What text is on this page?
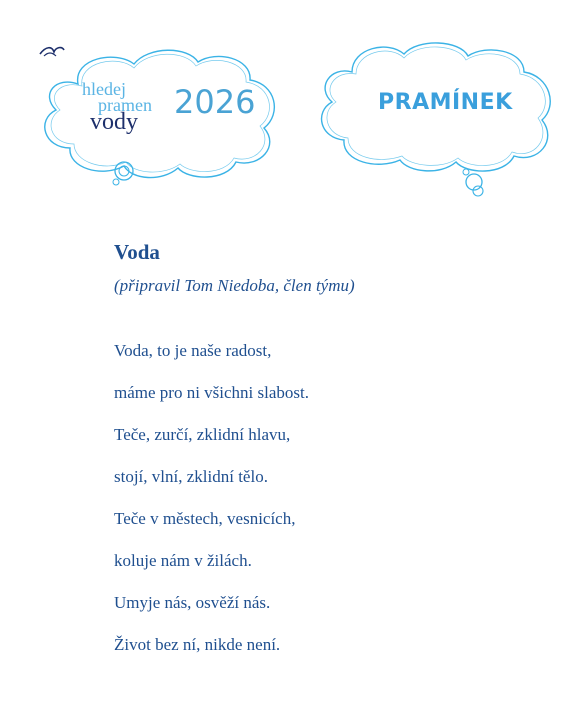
hledej
pramen
vody
2026	PRAMÍNEK
Voda
(připravil Tom Niedoba, člen týmu)
Voda, to je naše radost,
máme pro ni všichni slabost.
Teče, zurčí, zklidní hlavu,
stojí, vlní, zklidní tělo.
Teče v městech, vesnicích,
koluje nám v žilách.
Umyje nás, osvěží nás.
Život bez ní, nikde není.
